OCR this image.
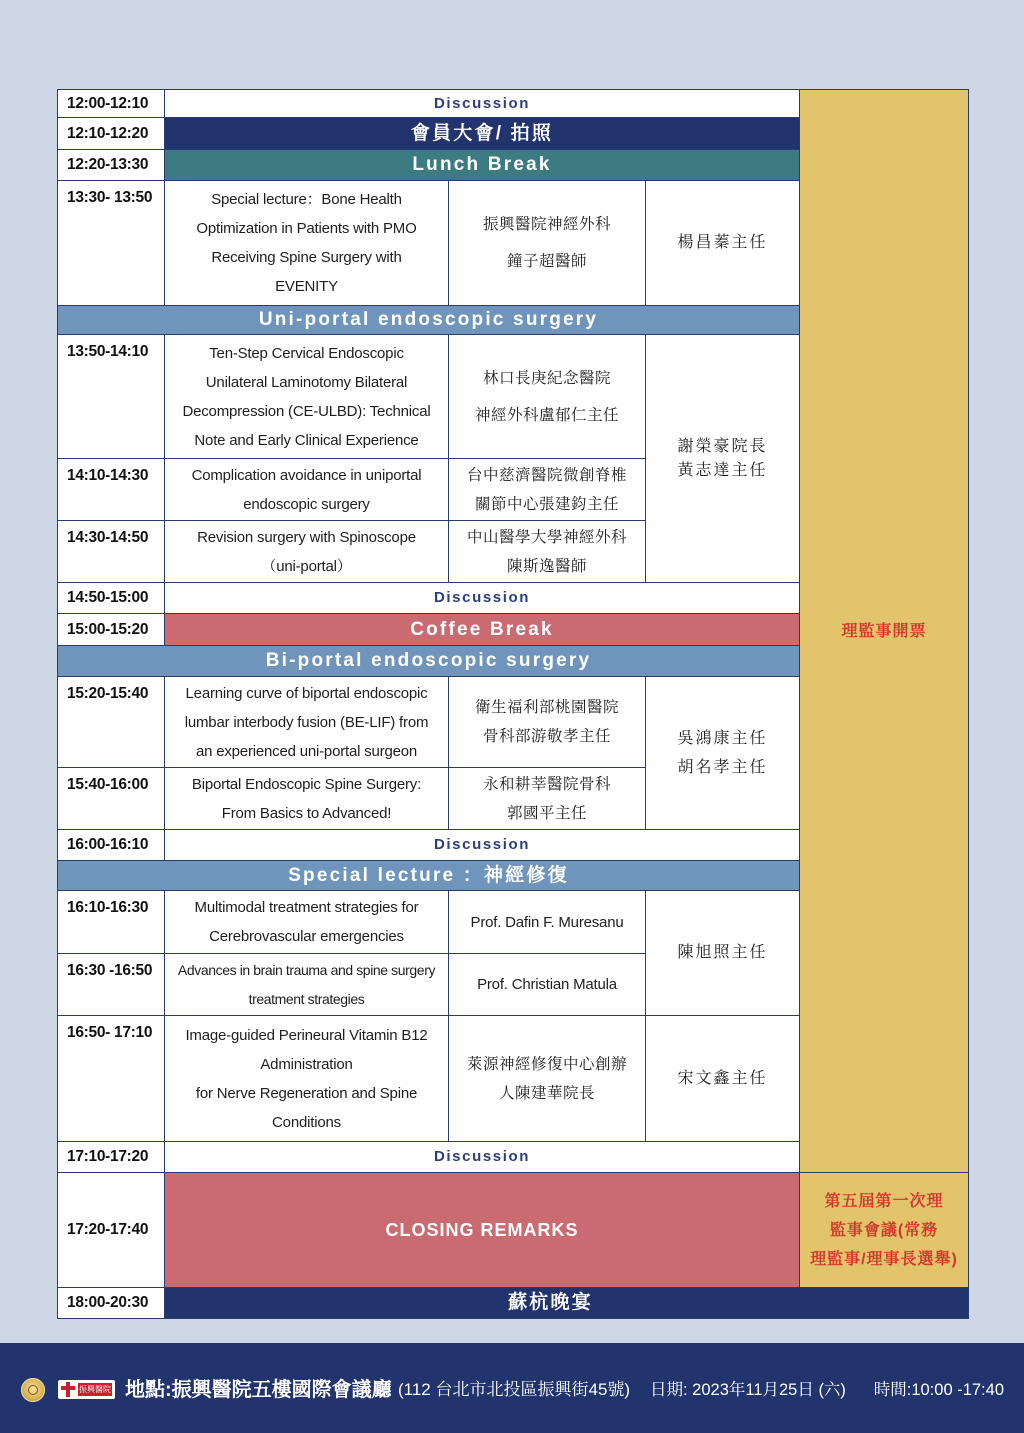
12:00-12:10	Discussion			理監事開票
12:10-12:20	會員大會/ 拍照			
12:20-13:30	Lunch Break			
13:30- 13:50	Special lecture：Bone Health
Optimization in Patients with PMO
Receiving Spine Surgery with
EVENITY	振興醫院神經外科
鐘子超醫師	楊昌蓁主任	
Uni-portal endoscopic surgery				
13:50-14:10	Ten-Step Cervical Endoscopic
Unilateral Laminotomy Bilateral
Decompression (CE-ULBD): Technical
Note and Early Clinical Experience	林口長庚紀念醫院
神經外科盧郁仁主任	謝榮豪院長
黃志達主任	
14:10-14:30	Complication avoidance in uniportal
endoscopic surgery	台中慈濟醫院微創脊椎
關節中心張建鈞主任		
14:30-14:50	Revision surgery with Spinoscope
（uni-portal）	中山醫學大學神經外科
陳斯逸醫師		
14:50-15:00	Discussion			
15:00-15:20	Coffee Break			
Bi-portal endoscopic surgery				
15:20-15:40	Learning curve of biportal endoscopic
lumbar interbody fusion (BE-LIF) from
an experienced uni-portal surgeon	衛生福利部桃園醫院
骨科部游敬孝主任	吳鴻康主任
胡名孝主任	
15:40-16:00	Biportal Endoscopic Spine Surgery:
From Basics to Advanced!	永和耕莘醫院骨科
郭國平主任		
16:00-16:10	Discussion			
Special lecture ：神經修復				
16:10-16:30	Multimodal treatment strategies for
Cerebrovascular emergencies	Prof. Dafin F. Muresanu	陳旭照主任	
16:30 -16:50	Advances in brain trauma and spine surgery
treatment strategies	Prof. Christian Matula		
16:50- 17:10	Image-guided Perineural Vitamin B12
Administration
for Nerve Regeneration and Spine
Conditions	萊源神經修復中心創辦
人陳建華院長	宋文鑫主任	
17:10-17:20	Discussion			
17:20-17:40	CLOSING REMARKS			第五屆第一次理
監事會議(常務
理監事/理事長選舉)
18:00-20:30	蘇杭晚宴			
振興醫院 地點:振興醫院五樓國際會議廳 (112 台北市北投區振興街45號) 日期: 2023年11月25日 (六) 時間:10:00 -17:40
